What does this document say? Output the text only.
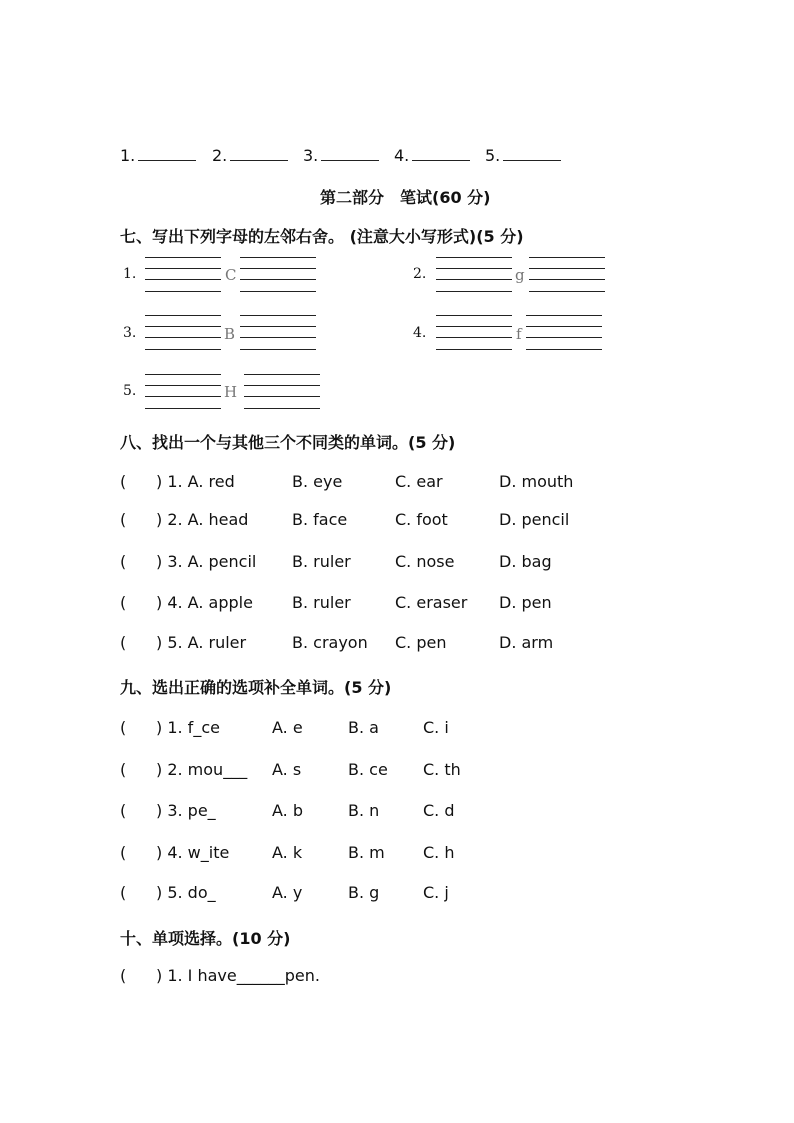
1.	2.	3.	4.	5.
第二部分　笔试(60 分)
七、写出下列字母的左邻右舍。 (注意大小写形式)(5 分)
1.	C	2.	g
3.	B	4.	f
5.	H
八、找出一个与其他三个不同类的单词。(5 分)
( ) 1. A. red	B. eye	C. ear	D. mouth
( ) 2. A. head	B. face	C. foot	D. pencil
( ) 3. A. pencil B. ruler	C. nose	D. bag
( ) 4. A. apple B. ruler	C. eraser D. pen
( ) 5. A. ruler	B. crayon C. pen	D. arm
九、选出正确的选项补全单词。(5 分)
( ) 1. f_ce	A. e	B. a	C. i
( ) 2. mou___ A. s	B. ce C. th
( ) 3. pe_	A. b	B. n	C. d
( ) 4. w_ite	A. k	B. m C. h
( ) 5. do_	A. y	B. g	C. j
十、单项选择。(10 分)
( ) 1. I have______pen.
